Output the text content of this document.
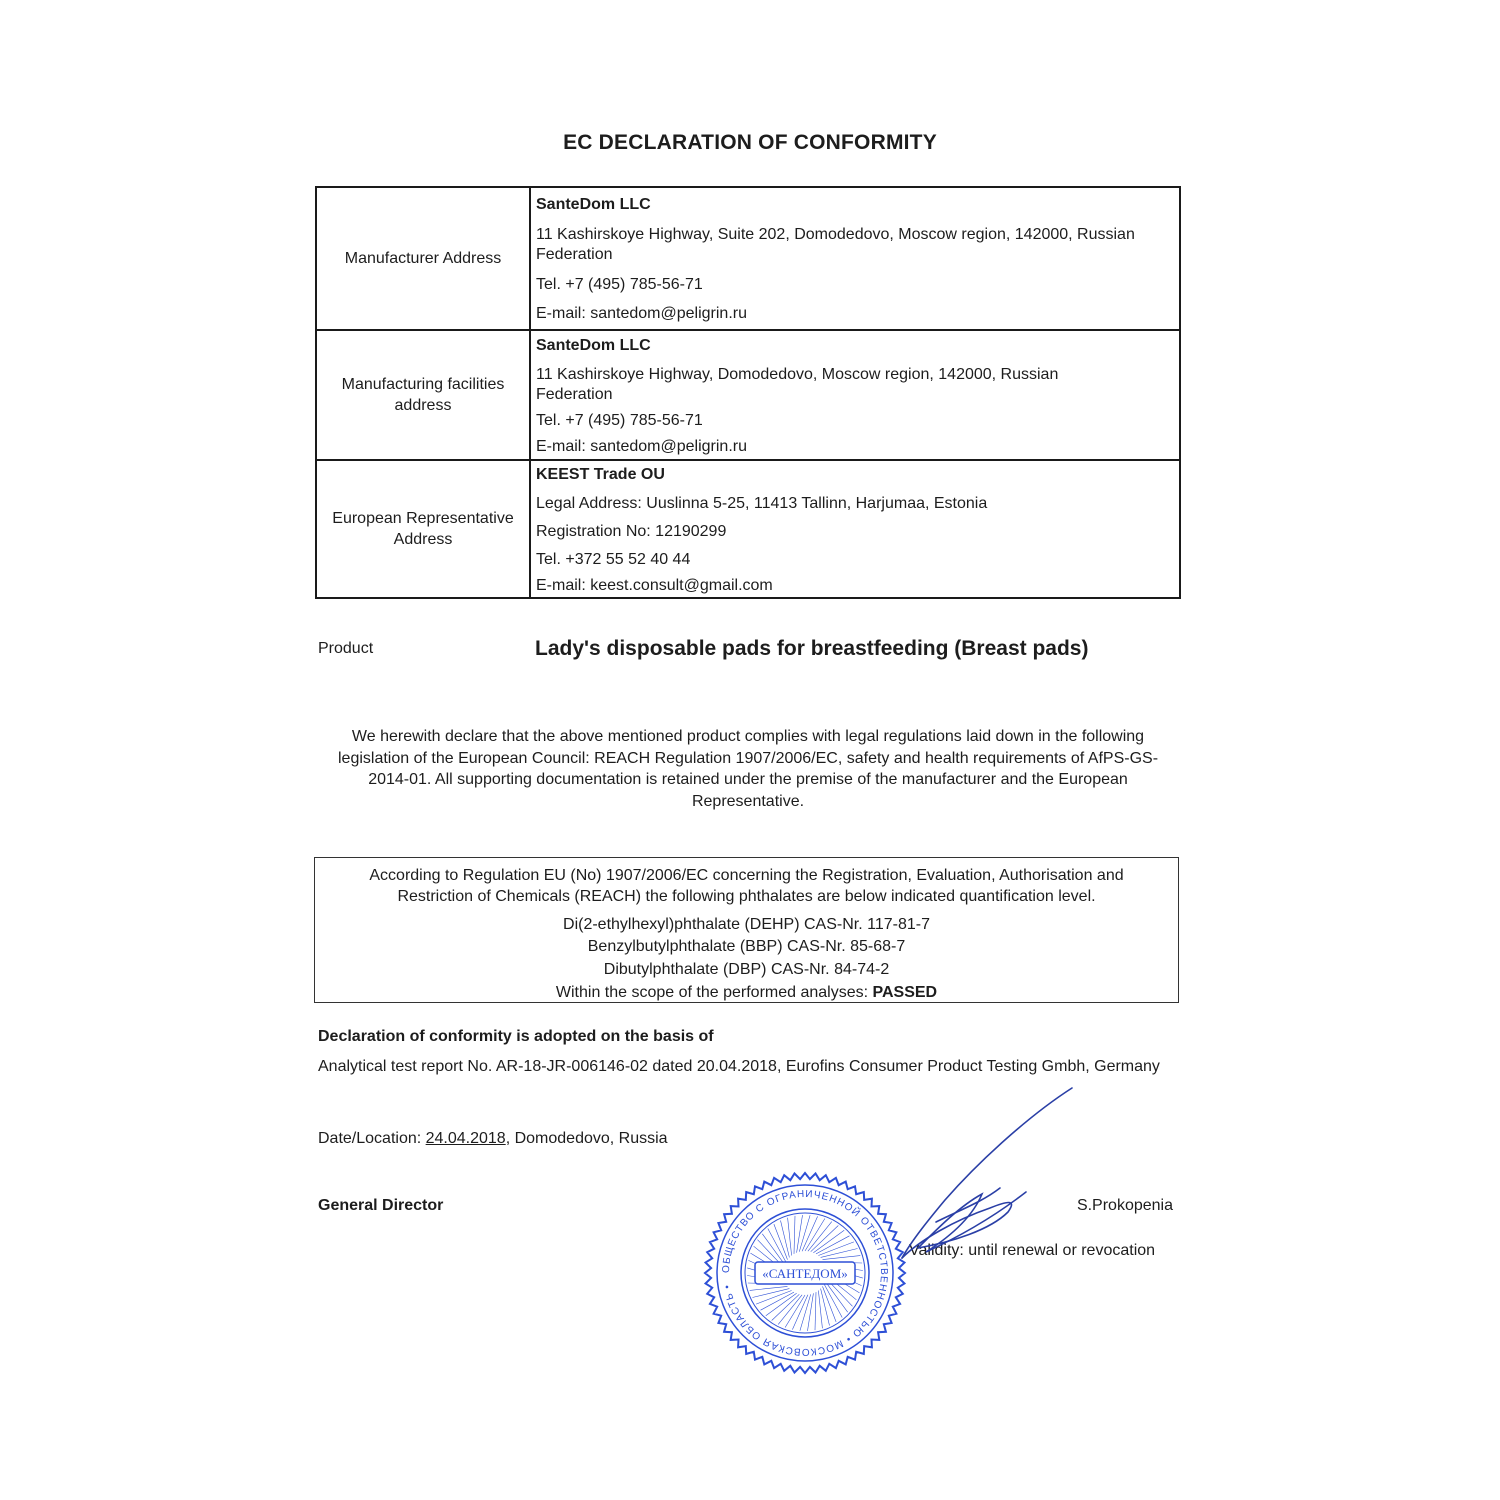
EC DECLARATION OF CONFORMITY
Manufacturer Address
SanteDom LLC
11 Kashirskoye Highway, Suite 202, Domodedovo, Moscow region, 142000, Russian Federation
Tel. +7 (495) 785-56-71
E-mail: santedom@peligrin.ru
Manufacturing facilities address
SanteDom LLC
11 Kashirskoye Highway, Domodedovo, Moscow region, 142000, Russian Federation
Tel. +7 (495) 785-56-71
E-mail: santedom@peligrin.ru
European Representative Address
KEEST Trade OU
Legal Address: Uuslinna 5-25, 11413 Tallinn, Harjumaa, Estonia
Registration No: 12190299
Tel. +372 55 52 40 44
E-mail: keest.consult@gmail.com
Product	Lady's disposable pads for breastfeeding (Breast pads)
We herewith declare that the above mentioned product complies with legal regulations laid down in the following legislation of the European Council: REACH Regulation 1907/2006/EC, safety and health requirements of AfPS-GS-2014-01. All supporting documentation is retained under the premise of the manufacturer and the European Representative.
According to Regulation EU (No) 1907/2006/EC concerning the Registration, Evaluation, Authorisation and
Restriction of Chemicals (REACH) the following phthalates are below indicated quantification level.
Di(2-ethylhexyl)phthalate (DEHP) CAS-Nr. 117-81-7
Benzylbutylphthalate (BBP) CAS-Nr. 85-68-7
Dibutylphthalate (DBP) CAS-Nr. 84-74-2
Within the scope of the performed analyses: PASSED
Declaration of conformity is adopted on the basis of
Analytical test report No. AR-18-JR-006146-02 dated 20.04.2018, Eurofins Consumer Product Testing Gmbh, Germany
Date/Location: 24.04.2018, Domodedovo, Russia
General Director	S.Prokopenia
Validity: until renewal or revocation
ОБЩЕСТВО С ОГРАНИЧЕННОЙ ОТВЕТСТВЕННОСТЬЮ • МОСКОВСКАЯ ОБЛАСТЬ •
«САНТЕДОМ»
